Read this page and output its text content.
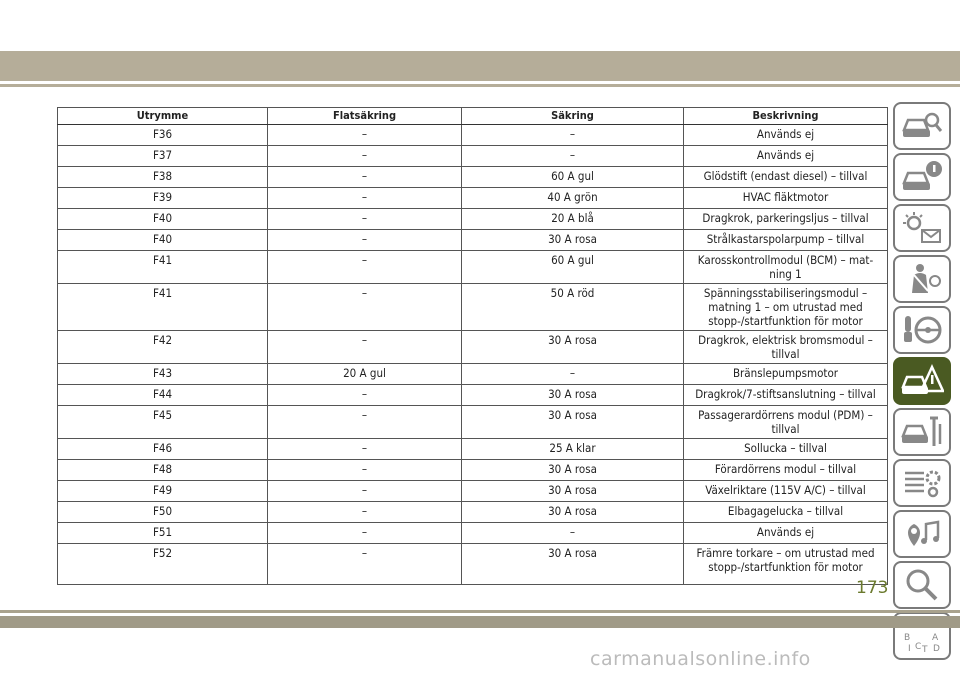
Utrymme	Flatsäkring	Säkring	Beskrivning
F36	–	–	Används ej
F37	–	–	Används ej
F38	–	60 A gul	Glödstift (endast diesel) – tillval
F39	–	40 A grön	HVAC fläktmotor
F40	–	20 A blå	Dragkrok, parkeringsljus – tillval
F40	–	30 A rosa	Strålkastarspolarpump – tillval
F41	–	60 A gul	Karosskontrollmodul (BCM) – mat-ning 1
F41	–	50 A röd	Spänningsstabiliseringsmodul – matning 1 – om utrustad med stopp-/startfunktion för motor
F42	–	30 A rosa	Dragkrok, elektrisk bromsmodul – tillval
F43	20 A gul	–	Bränslepumpsmotor
F44	–	30 A rosa	Dragkrok/7-stiftsanslutning – tillval
F45	–	30 A rosa	Passagerardörrens modul (PDM) – tillval
F46	–	25 A klar	Sollucka – tillval
F48	–	30 A rosa	Förardörrens modul – tillval
F49	–	30 A rosa	Växelriktare (115V A/C) – tillval
F50	–	30 A rosa	Elbagagelucka – tillval
F51	–	–	Används ej
F52	–	30 A rosa	Främre torkare – om utrustad med stopp-/startfunktion för motor
B A
I C T D
173
carmanualsonline.info
